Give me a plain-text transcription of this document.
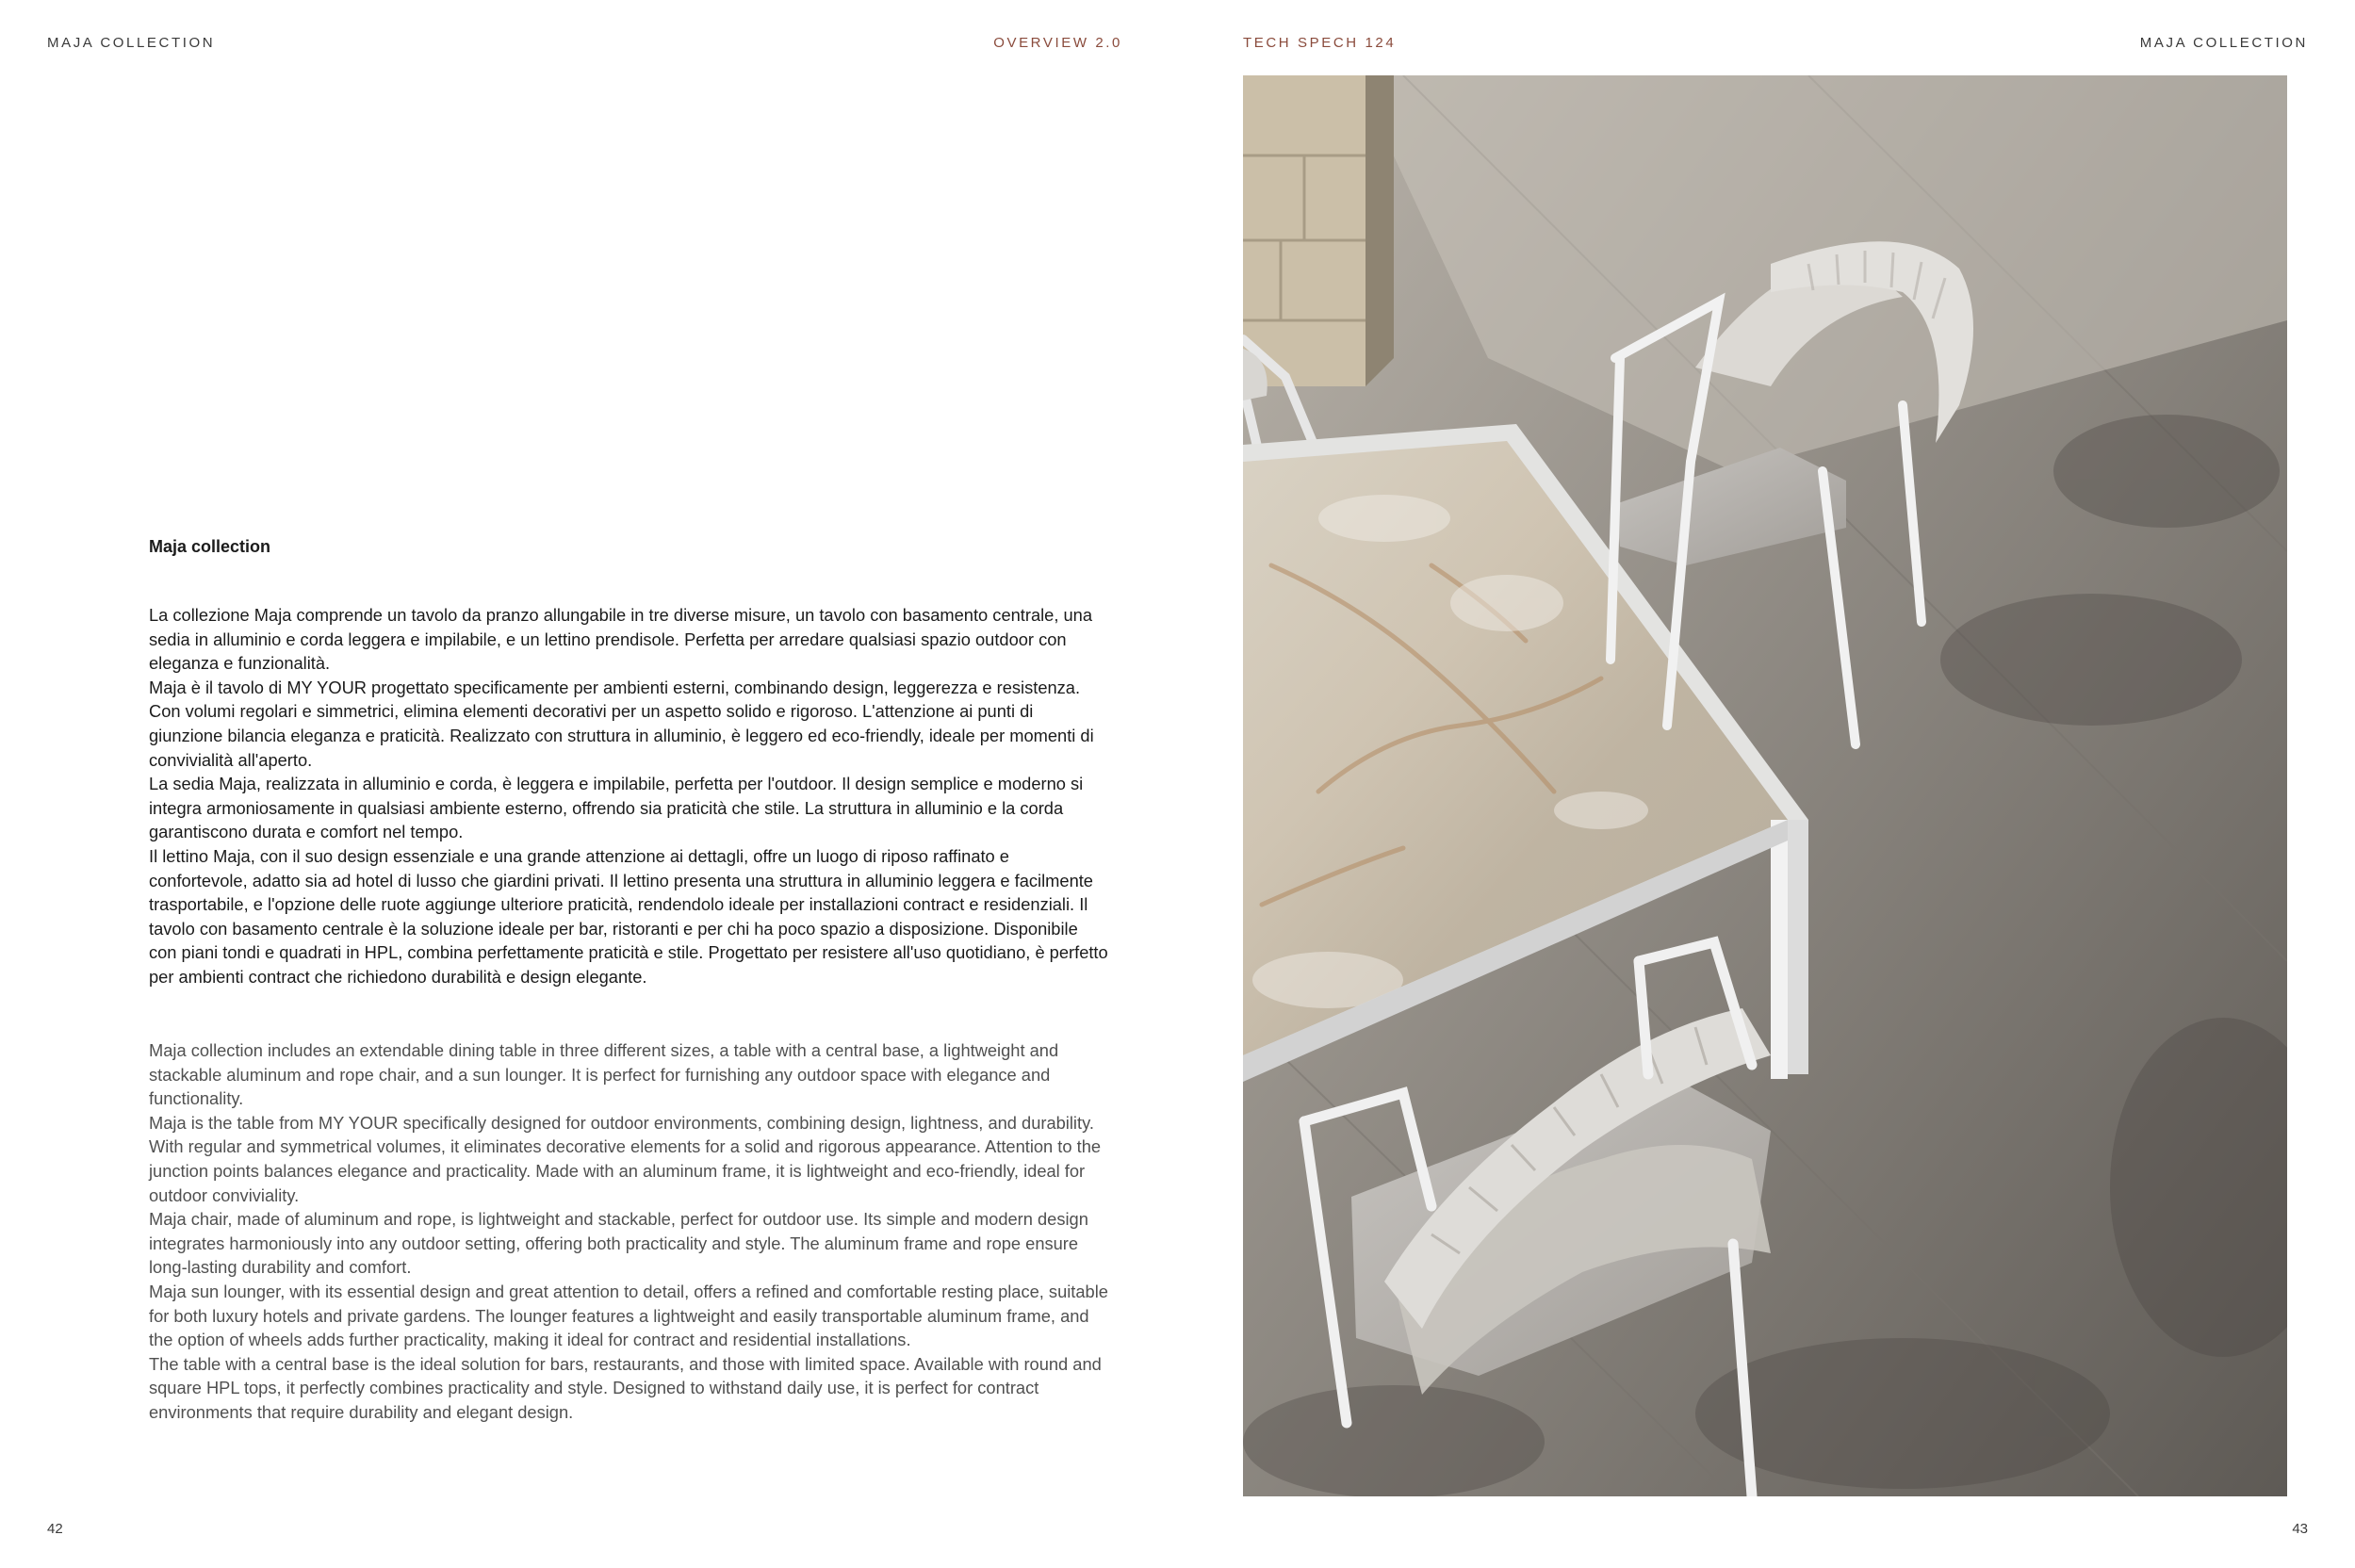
MAJA COLLECTION	OVERVIEW 2.0
Maja collection

La collezione Maja comprende un tavolo da pranzo allungabile in tre diverse misure, un tavolo con basamento centrale, una sedia in alluminio e corda leggera e impilabile, e un lettino prendisole. Perfetta per arredare qualsiasi spazio outdoor con eleganza e funzionalità.

Maja è il tavolo di MY YOUR progettato specificamente per ambienti esterni, combinando design, leggerezza e resistenza. Con volumi regolari e simmetrici, elimina elementi decorativi per un aspetto solido e rigoroso. L'attenzione ai punti di giunzione bilancia eleganza e praticità. Realizzato con struttura in alluminio, è leggero ed eco-friendly, ideale per momenti di convivialità all'aperto.

La sedia Maja, realizzata in alluminio e corda, è leggera e impilabile, perfetta per l'outdoor. Il design semplice e moderno si integra armoniosamente in qualsiasi ambiente esterno, offrendo sia praticità che stile. La struttura in alluminio e la corda garantiscono durata e comfort nel tempo.

Il lettino Maja, con il suo design essenziale e una grande attenzione ai dettagli, offre un luogo di riposo raffinato e confortevole, adatto sia ad hotel di lusso che giardini privati. Il lettino presenta una struttura in alluminio leggera e facilmente trasportabile, e l'opzione delle ruote aggiunge ulteriore praticità, rendendolo ideale per installazioni contract e residenziali. Il tavolo con basamento centrale è la soluzione ideale per bar, ristoranti e per chi ha poco spazio a disposizione. Disponibile con piani tondi e quadrati in HPL, combina perfettamente praticità e stile. Progettato per resistere all'uso quotidiano, è perfetto per ambienti contract che richiedono durabilità e design elegante.

Maja collection includes an extendable dining table in three different sizes, a table with a central base, a lightweight and stackable aluminum and rope chair, and a sun lounger. It is perfect for furnishing any outdoor space with elegance and functionality.

Maja is the table from MY YOUR specifically designed for outdoor environments, combining design, lightness, and durability. With regular and symmetrical volumes, it eliminates decorative elements for a solid and rigorous appearance. Attention to the junction points balances elegance and practicality. Made with an aluminum frame, it is lightweight and eco-friendly, ideal for outdoor conviviality.

Maja chair, made of aluminum and rope, is lightweight and stackable, perfect for outdoor use. Its simple and modern design integrates harmoniously into any outdoor setting, offering both practicality and style. The aluminum frame and rope ensure long-lasting durability and comfort.

Maja sun lounger, with its essential design and great attention to detail, offers a refined and comfortable resting place, suitable for both luxury hotels and private gardens. The lounger features a lightweight and easily transportable aluminum frame, and the option of wheels adds further practicality, making it ideal for contract and residential installations.

The table with a central base is the ideal solution for bars, restaurants, and those with limited space. Available with round and square HPL tops, it perfectly combines practicality and style. Designed to withstand daily use, it is perfect for contract environments that require durability and elegant design.

42
TECH SPECH 124	MAJA COLLECTION
43
